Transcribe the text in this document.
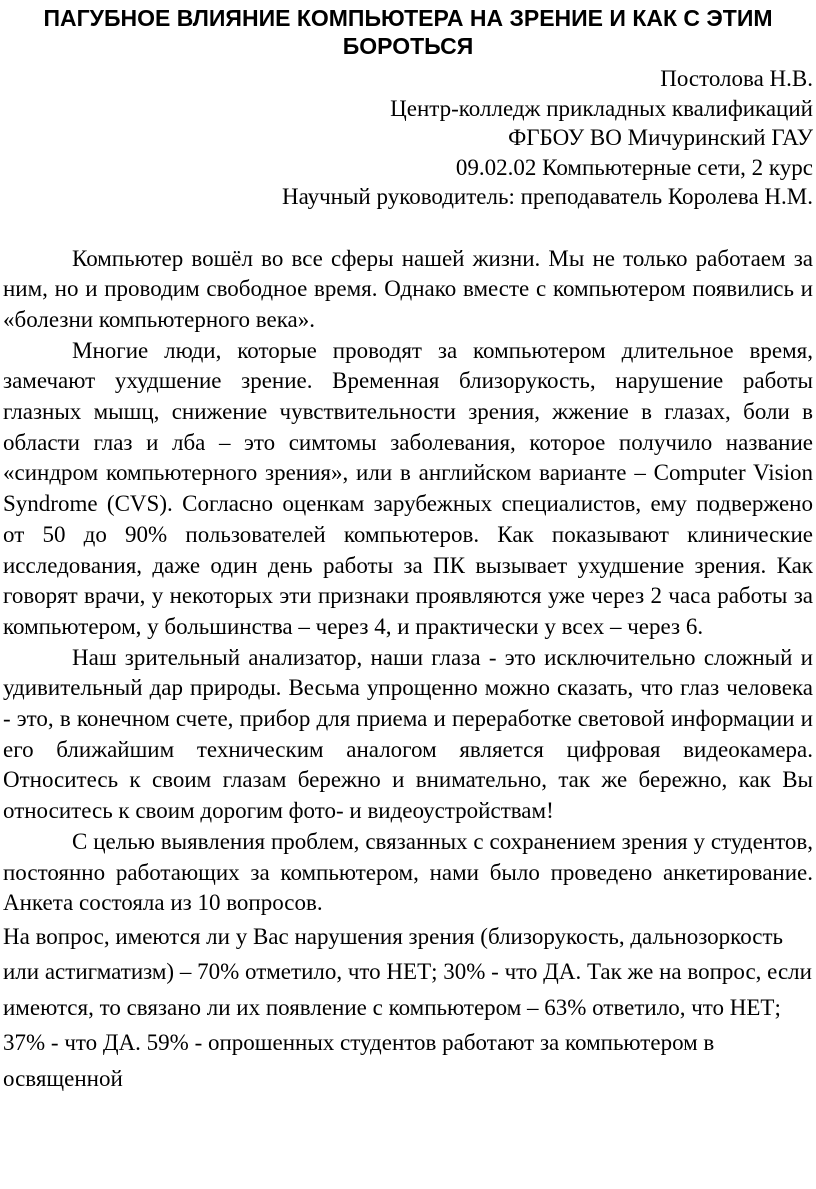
ПАГУБНОЕ ВЛИЯНИЕ КОМПЬЮТЕРА НА ЗРЕНИЕ И КАК С ЭТИМ БОРОТЬСЯ
Постолова Н.В.
Центр-колледж прикладных квалификаций
ФГБОУ ВО Мичуринский ГАУ
09.02.02 Компьютерные сети, 2 курс
Научный руководитель: преподаватель Королева Н.М.

Компьютер вошёл во все сферы нашей жизни. Мы не только работаем за ним, но и проводим свободное время. Однако вместе с компьютером появились и «болезни компьютерного века».

Многие люди, которые проводят за компьютером длительное время, замечают ухудшение зрение. Временная близорукость, нарушение работы глазных мышц, снижение чувствительности зрения, жжение в глазах, боли в области глаз и лба – это симтомы заболевания, которое получило название «синдром компьютерного зрения», или в английском варианте – Computer Vision Syndrome (CVS). Согласно оценкам зарубежных специалистов, ему подвержено от 50 до 90% пользователей компьютеров. Как показывают клинические исследования, даже один день работы за ПК вызывает ухудшение зрения. Как говорят врачи, у некоторых эти признаки проявляются уже через 2 часа работы за компьютером, у большинства – через 4, и практически у всех – через 6.

Наш зрительный анализатор, наши глаза - это исключительно сложный и удивительный дар природы. Весьма упрощенно можно сказать, что глаз человека - это, в конечном счете, прибор для приема и переработке световой информации и его ближайшим техническим аналогом является цифровая видеокамера. Относитесь к своим глазам бережно и внимательно, так же бережно, как Вы относитесь к своим дорогим фото- и видеоустройствам!

С целью выявления проблем, связанных с сохранением зрения у студентов, постоянно работающих за компьютером, нами было проведено анкетирование. Анкета состояла из 10 вопросов.

На вопрос, имеются ли у Вас нарушения зрения (близорукость, дальнозоркость или астигматизм) – 70% отметило, что НЕТ; 30% - что ДА. Так же на вопрос, если имеются, то связано ли их появление с компьютером – 63% ответило, что НЕТ; 37% - что ДА. 59% - опрошенных студентов работают за компьютером в освященной
